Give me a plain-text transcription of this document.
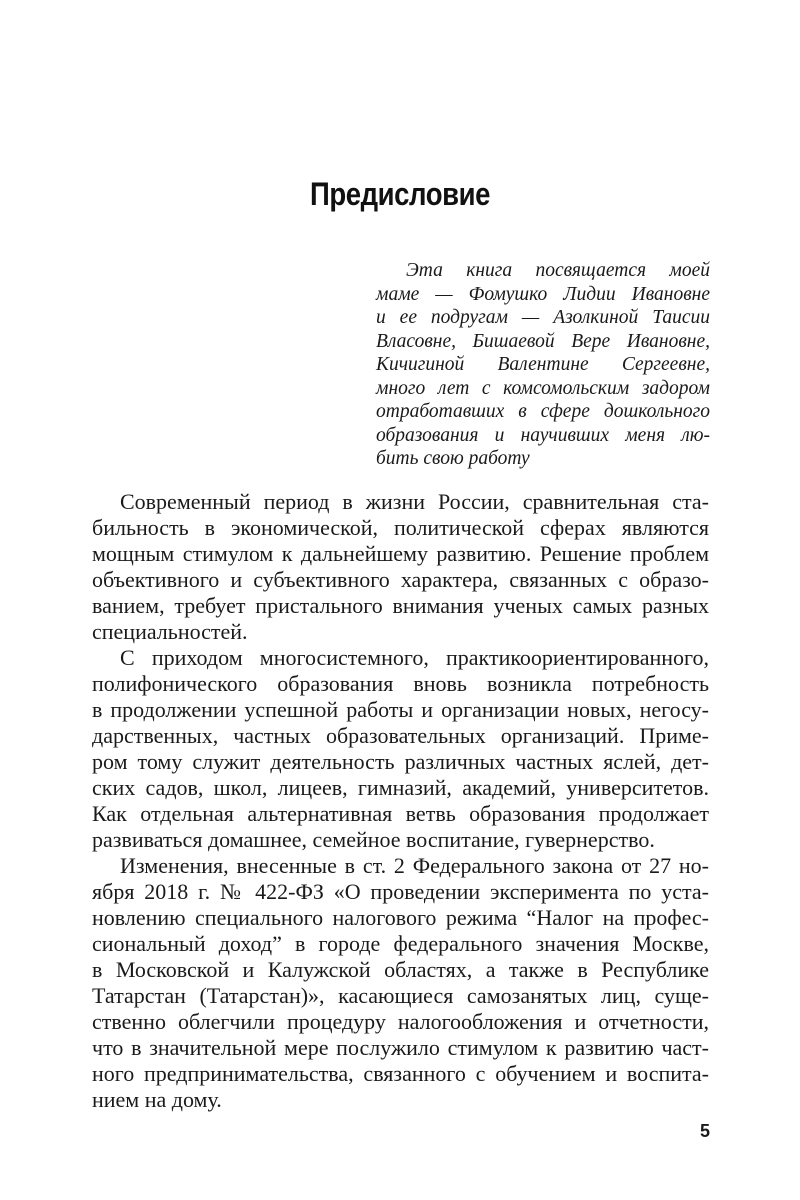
Предисловие
Эта книга посвящается моей
маме — Фомушко Лидии Ивановне
и ее подругам — Азолкиной Таисии
Власовне, Бишаевой Вере Ивановне,
Кичигиной Валентине Сергеевне,
много лет с комсомольским задором
отработавших в сфере дошкольного
образования и научивших меня лю-
бить свою работу
Современный период в жизни России, сравнительная ста-
бильность в экономической, политической сферах являются
мощным стимулом к дальнейшему развитию. Решение проблем
объективного и субъективного характера, связанных с образо-
ванием, требует пристального внимания ученых самых разных
специальностей.
С приходом многосистемного, практикоориентированного,
полифонического образования вновь возникла потребность
в продолжении успешной работы и организации новых, негосу-
дарственных, частных образовательных организаций. Приме-
ром тому служит деятельность различных частных яслей, дет-
ских садов, школ, лицеев, гимназий, академий, университетов.
Как отдельная альтернативная ветвь образования продолжает
развиваться домашнее, семейное воспитание, гувернерство.
Изменения, внесенные в ст. 2 Федерального закона от 27 но-
ября 2018 г. № 422-ФЗ «О проведении эксперимента по уста-
новлению специального налогового режима “Налог на профес-
сиональный доход” в городе федерального значения Москве,
в Московской и Калужской областях, а также в Республике
Татарстан (Татарстан)», касающиеся самозанятых лиц, суще-
ственно облегчили процедуру налогообложения и отчетности,
что в значительной мере послужило стимулом к развитию част-
ного предпринимательства, связанного с обучением и воспита-
нием на дому.
5
